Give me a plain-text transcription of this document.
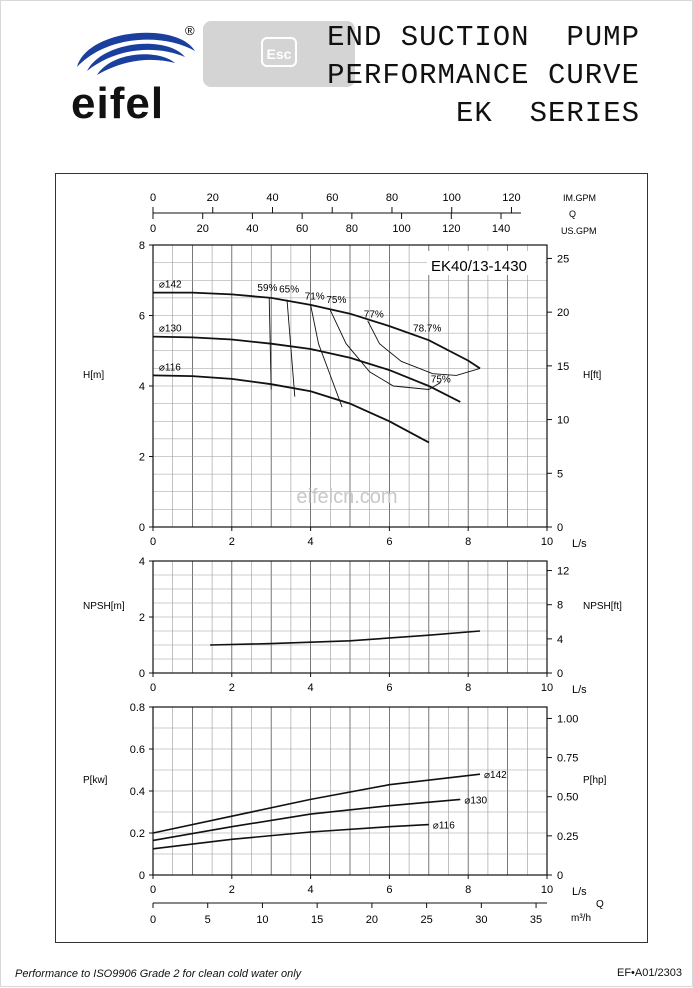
®
eifel
Esc END SUCTION  PUMP
PERFORMANCE CURVE
EK  SERIES
0
2
4
6
8
0
5
10
15
20
25
0	2	4	6	8	10 L/s
H[m]	H[ft]
⌀142
⌀130
⌀116
59% 65%
71% 75%
77%
78.7%
75%
EK40/13-1430
eifelcn.com
0
2
4
0
4
8
12
0	2	4	6	8	10 L/s
NPSH[m]	NPSH[ft]
0
0.2
0.4
0.6
0.8
0
0.25
0.50
0.75
1.00
0	2	4	6	8	10 L/s
P[kw]	P[hp]
⌀142
⌀130
⌀116
0	20	40	60	80	100	120
0	20	40	60	80	100	120	140
IM.GPM
Q
US.GPM
0	5	10	15	20	25	30	35
Q
m³/h

Performance to ISO9906 Grade 2 for clean cold water only	EF•A01/2303
